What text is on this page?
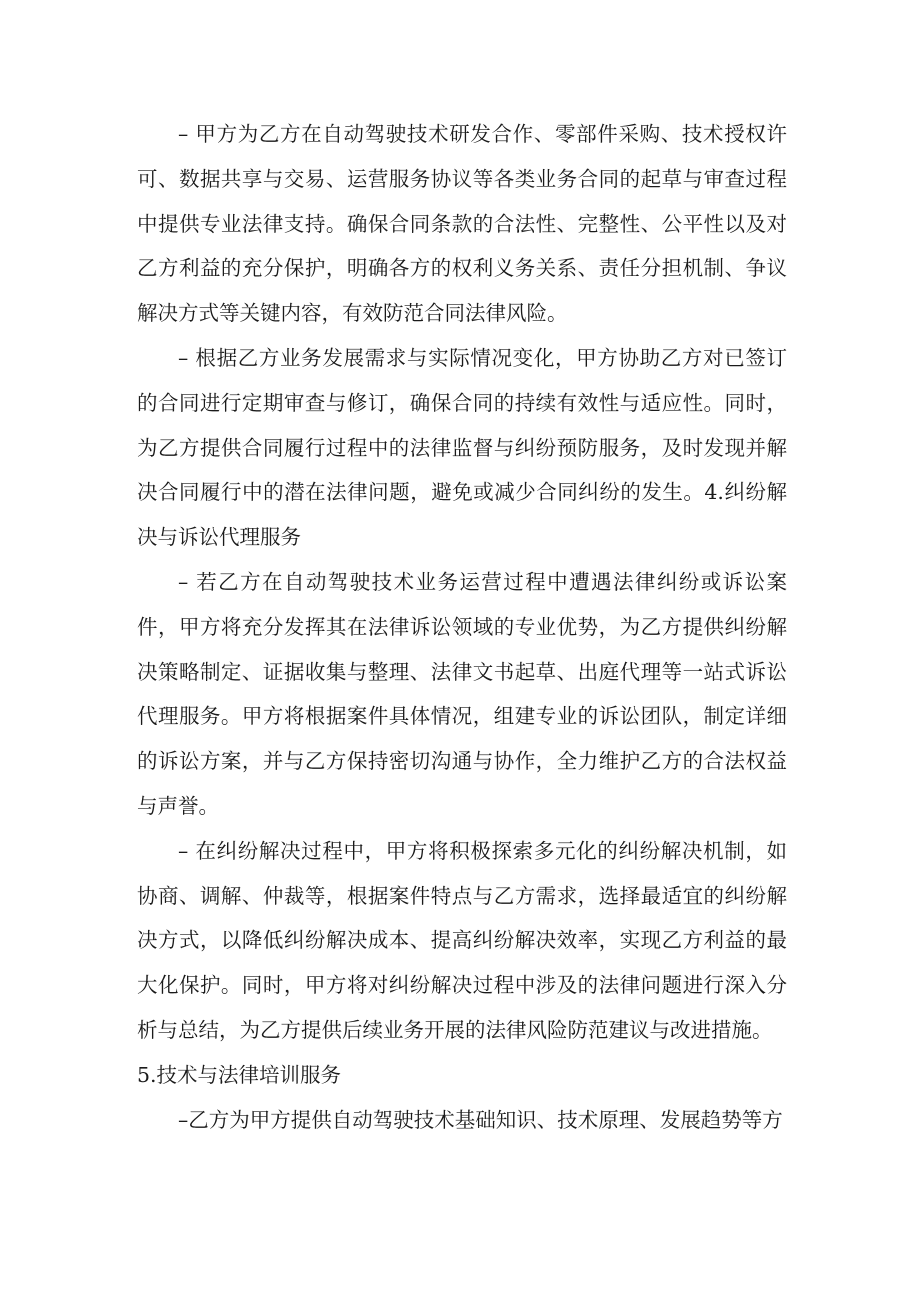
– 甲方为乙方在自动驾驶技术研发合作、零部件采购、技术授权许可、数据共享与交易、运营服务协议等各类业务合同的起草与审查过程中提供专业法律支持。确保合同条款的合法性、完整性、公平性以及对乙方利益的充分保护，明确各方的权利义务关系、责任分担机制、争议解决方式等关键内容，有效防范合同法律风险。

– 根据乙方业务发展需求与实际情况变化，甲方协助乙方对已签订的合同进行定期审查与修订，确保合同的持续有效性与适应性。同时，为乙方提供合同履行过程中的法律监督与纠纷预防服务，及时发现并解决合同履行中的潜在法律问题，避免或减少合同纠纷的发生。4.纠纷解决与诉讼代理服务

– 若乙方在自动驾驶技术业务运营过程中遭遇法律纠纷或诉讼案件，甲方将充分发挥其在法律诉讼领域的专业优势，为乙方提供纠纷解决策略制定、证据收集与整理、法律文书起草、出庭代理等一站式诉讼代理服务。甲方将根据案件具体情况，组建专业的诉讼团队，制定详细的诉讼方案，并与乙方保持密切沟通与协作，全力维护乙方的合法权益与声誉。

– 在纠纷解决过程中，甲方将积极探索多元化的纠纷解决机制，如协商、调解、仲裁等，根据案件特点与乙方需求，选择最适宜的纠纷解决方式，以降低纠纷解决成本、提高纠纷解决效率，实现乙方利益的最大化保护。同时，甲方将对纠纷解决过程中涉及的法律问题进行深入分析与总结，为乙方提供后续业务开展的法律风险防范建议与改进措施。

5.技术与法律培训服务

–乙方为甲方提供自动驾驶技术基础知识、技术原理、发展趋势等方
